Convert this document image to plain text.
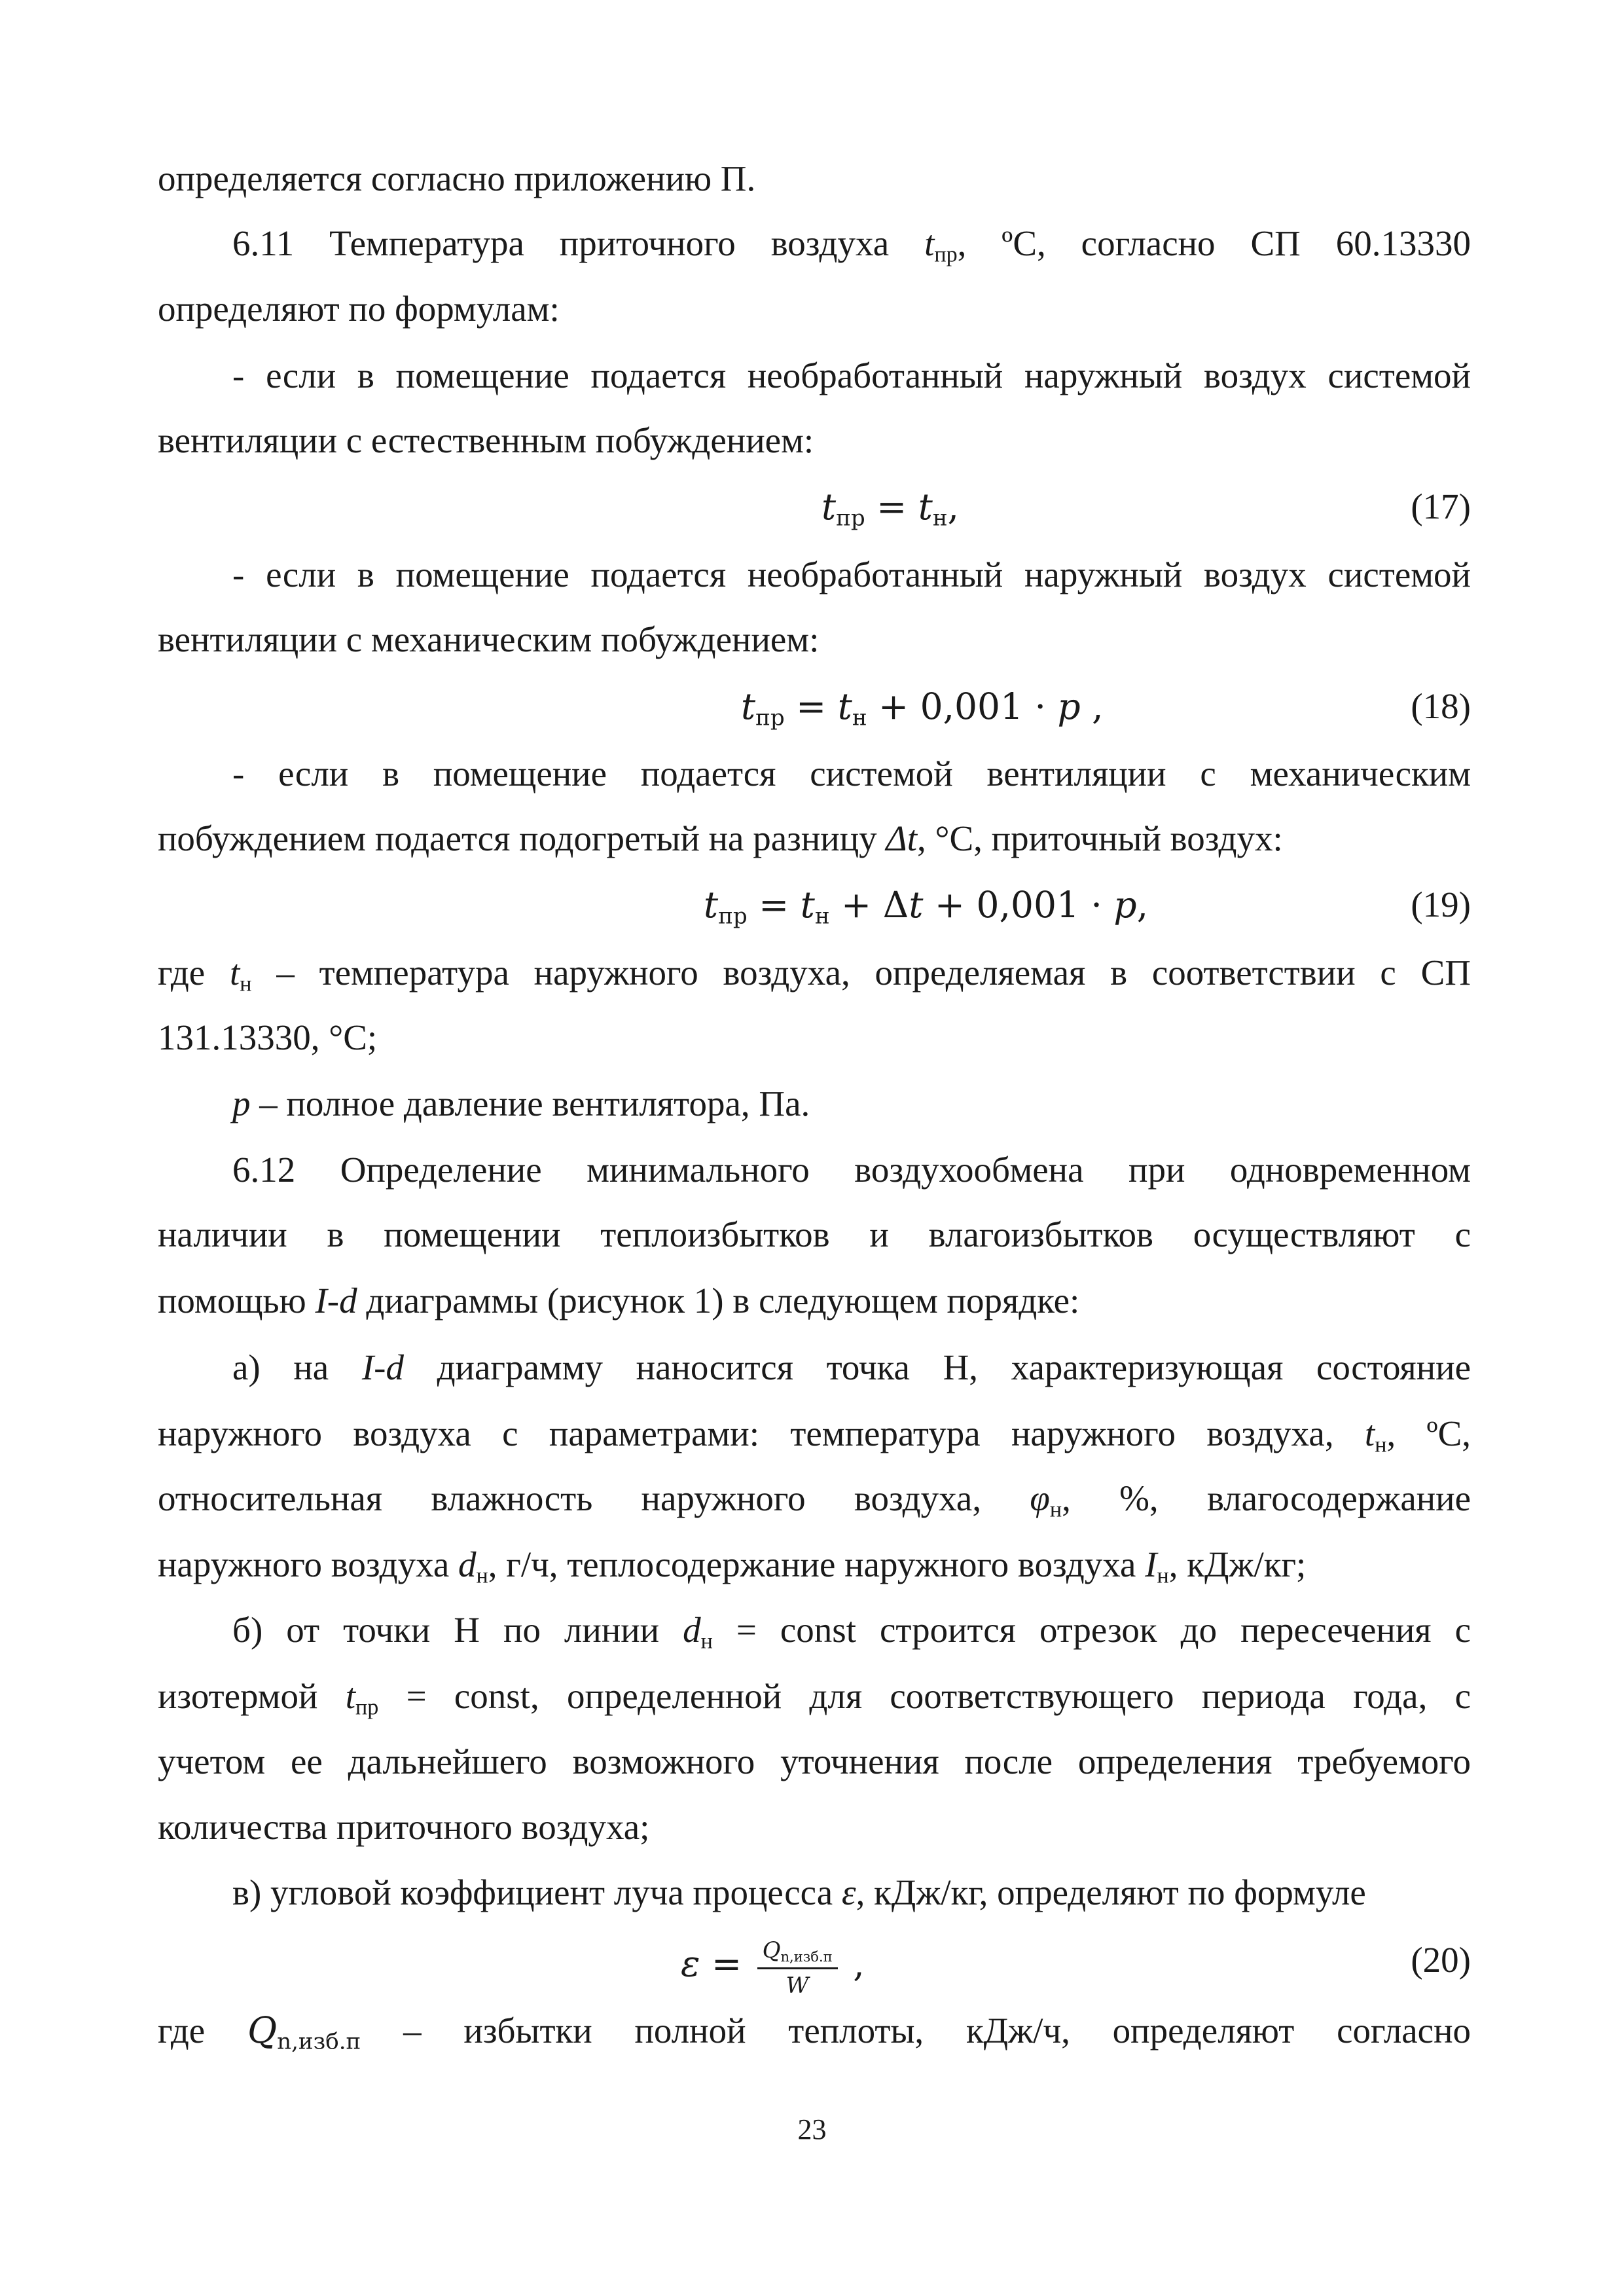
определяется согласно приложению П.
6.11 Температура приточного воздуха $t_{пр}$, ºС, согласно СП 60.13330
определяют по формулам:
- если в помещение подается необработанный наружный воздух системой
вентиляции с естественным побуждением:
$t_{пр} = t_н$,	(17)
- если в помещение подается необработанный наружный воздух системой
вентиляции с механическим побуждением:
$t_{пр} = t_н + 0,001 \cdot p$ ,	(18)
- если в помещение подается системой вентиляции с механическим
побуждением подается подогретый на разницу Δt, °С, приточный воздух:
$t_{пр} = t_н + \Delta t + 0,001 \cdot p$,	(19)
где $t_н$ – температура наружного воздуха, определяемая в соответствии с СП
131.13330, °С;
p – полное давление вентилятора, Па.
6.12 Определение минимального воздухообмена при одновременном
наличии в помещении теплоизбытков и влагоизбытков осуществляют с
помощью I-d диаграммы (рисунок 1) в следующем порядке:
а) на I-d диаграмму наносится точка Н, характеризующая состояние
наружного воздуха с параметрами: температура наружного воздуха, $t_н$, ºС,
относительная влажность наружного воздуха, $\varphi_н$, %, влагосодержание
наружного воздуха $d_н$, г/ч, теплосодержание наружного воздуха $I_н$, кДж/кг;
б) от точки Н по линии $d_н$ = const строится отрезок до пересечения с
изотермой $t_{пр}$ = const, определенной для соответствующего периода года, с
учетом ее дальнейшего возможного уточнения после определения требуемого
количества приточного воздуха;
в) угловой коэффициент луча процесса ε, кДж/кг, определяют по формуле
$\varepsilon = \frac{Q_{n,изб.п}}{W}$ ,	(20)
где $Q_{n,изб.п}$ – избытки полной теплоты, кДж/ч, определяют согласно
23
